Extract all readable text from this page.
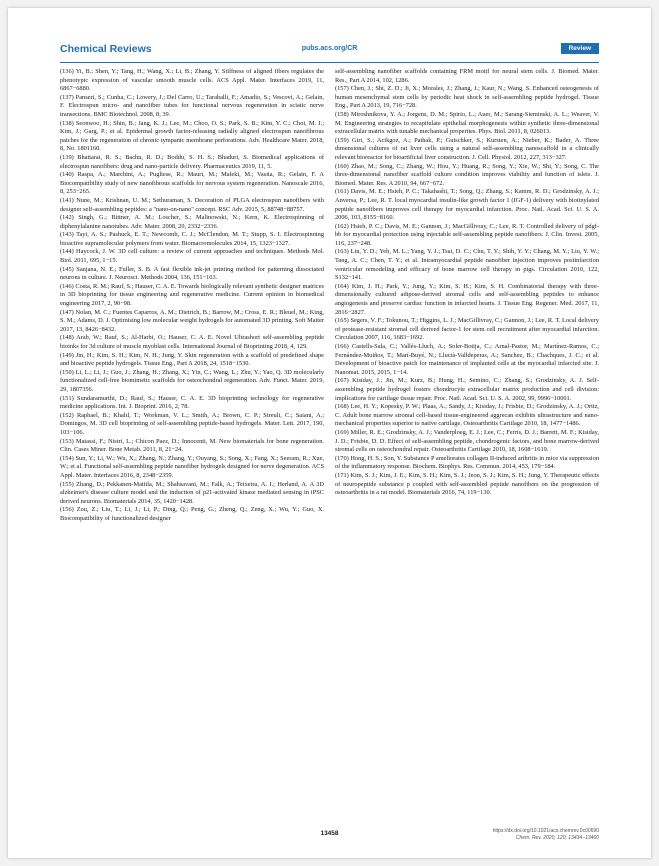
Chemical Reviews	pubs.acs.org/CR	Review

(136) Yi, B.; Shen, Y.; Tang, H.; Wang, X.; Li, B.; Zhang, Y. Stiffness of aligned fibers regulates the phenotypic expression of vascular smooth muscle cells. ACS Appl. Mater. Interfaces 2019, 11, 6867−6880.

(137) Panseri, S.; Cunha, C.; Lowery, J.; Del Carro, U.; Taraballi, F.; Amadio, S.; Vescovi, A.; Gelain, F. Electrospun micro- and nanofiber tubes for functional nervous regeneration in sciatic nerve transections. BMC Biotechnol. 2008, 8, 39.

(138) Seonwoo, H.; Shin, B.; Jang, K. J.; Lee, M.; Choo, O. S.; Park, S. B.; Kim, Y. C.; Choi, M. J.; Kim, J.; Garg, P.; et al. Epidermal growth factor-releasing radially aligned electrospun nanofibrous patches for the regeneration of chronic tympanic membrane perforations. Adv. Healthcare Mater. 2018, 8, No. 1801160.

(139) Bhattarai, R. S.; Bachu, R. D.; Boddu, S. H. S.; Bhaduri, S. Biomedical applications of electrospun nanofibers: drug and nano-particle delivery. Pharmaceutics 2019, 11, 5.

(140) Raspa, A.; Marchini, A.; Pugliese, R.; Mauri, M.; Maleki, M.; Vasita, R.; Gelain, F. A Biocompatibility study of new nanofibrous scaffolds for nervous system regeneration. Nanoscale 2016, 8, 253−265.

(141) Nune, M.; Krishnan, U. M.; Sethuraman, S. Decoration of PLGA electrospun nanofibers with designer self-assembling peptides: a "nano-on-nano" concept. RSC Adv. 2015, 5, 88748−88757.

(142) Singh, G.; Bittner, A. M.; Loscher, S.; Malinowski, N.; Kern, K. Electrospinning of diphenylalanine nanotubes. Adv. Mater. 2008, 20, 2332−2336.

(143) Tayi, A. S.; Pashuck, E. T.; Newcomb, C. J.; McClendon, M. T.; Stupp, S. I. Electrospinning bioactive supramolecular polymers from water. Biomacromolecules 2014, 15, 1323−1327.

(144) Haycock, J. W. 3D cell culture: a review of current approaches and techniques. Methods Mol. Biol. 2011, 695, 1−15.

(145) Sanjana, N. E.; Fuller, S. B. A fast flexible ink-jet printing method for patterning dissociated neurons in culture. J. Neurosci. Methods 2004, 136, 151−163.

(146) Costa, R. M.; Rauf, S.; Hauser, C. A. E. Towards biologically relevant synthetic designer matrices in 3D bioprinting for tissue engineering and regenerative medicine. Current opinion in biomedical engineering 2017, 2, 90−98.

(147) Nolan, M. C.; Fuentes Caparros, A. M.; Dietrich, B.; Barrow, M.; Cross, E. R.; Bleuel, M.; King, S. M.; Adams, D. J. Optimising low molecular weight hydrogels for automated 3D printing. Soft Matter 2017, 13, 8426−8432.

(148) Arab, W.; Rauf, S.; Al-Harbi, O.; Hauser, C. A. E. Novel Ultrashort self-assembling peptide bioinks for 3d culture of muscle myoblast cells. International Journal of Bioprinting 2018, 4, 129.

(149) Jin, H.; Kim, S. H.; Kim, N. H.; Jung, Y. Skin regeneration with a scaffold of predefined shape and bioactive peptide hydrogels. Tissue Eng., Part A 2018, 24, 1518−1530.

(150) Li, L.; Li, J.; Guo, J.; Zhang, H.; Zhang, X.; Yin, C.; Wang, L.; Zhu, Y.; Yao, Q. 3D molecularly functionalized cell-free biomimetic scaffolds for osteochondral regeneration. Adv. Funct. Mater. 2019, 29, 1807356.

(151) Sundaramurthi, D.; Rauf, S.; Hauser, C. A. E. 3D bioprinting technology for regenerative medicine applications. Int. J. Bioprint. 2016, 2, 78.

(152) Raphael, B.; Khalil, T.; Workman, V. L.; Smith, A.; Brown, C. P.; Streuli, C.; Saiani, A.; Domingos, M. 3D cell bioprinting of self-assembling peptide-based hydrogels. Mater. Lett. 2017, 190, 103−106.

(153) Matassi, F.; Nistri, L.; Chicon Paez, D.; Innocenti, M. New biomaterials for bone regeneration. Clin. Cases Miner. Bone Metab. 2011, 8, 21−24.

(154) Sun, Y.; Li, W.; Wu, X.; Zhang, N.; Zhang, Y.; Ouyang, S.; Song, X.; Fang, X.; Seeram, R.; Xue, W.; et al. Functional self-assembling peptide nanofiber hydrogels designed for nerve degeneration. ACS Appl. Mater. Interfaces 2016, 8, 2348−2359.

(155) Zhang, D.; Pekkanen-Mattila, M.; Shahsavani, M.; Falk, A.; Teixeira, A. I.; Herland, A. A 3D alzheimer's disease culture model and the induction of p21-activated kinase mediated sensing in iPSC derived neurons. Biomaterials 2014, 35, 1420−1428.

(156) Zou, Z.; Liu, T.; Li, J.; Li, P.; Ding, Q.; Peng, G.; Zheng, Q.; Zeng, X.; Wu, Y.; Guo, X. Biocompatibility of functionalized designer

self-assembling nanofiber scaffolds containing FRM motif for neural stem cells. J. Biomed. Mater. Res., Part A 2014, 102, 1286.

(157) Chen, J.; Shi, Z. D.; Ji, X.; Morales, J.; Zhang, J.; Kaur, N.; Wang, S. Enhanced osteogenesis of human mesenchymal stem cells by periodic heat shock in self-assembling peptide hydrogel. Tissue Eng., Part A 2013, 19, 716−728.

(158) Miroshnikova, Y. A.; Jorgens, D. M.; Spirio, L.; Auer, M.; Sarang-Sieminski, A. L.; Weaver, V. M. Engineering strategies to recapitulate epithelial morphogenesis within synthetic three-dimensional extracellular matrix with tunable mechanical properties. Phys. Biol. 2011, 8, 026013.

(159) Giri, S.; Acikgoz, A.; Pathak, P.; Gutschker, S.; Kursten, A.; Nieber, K.; Bader, A. Three dimensional cultures of rat liver cells using a natural self-assembling nanoscaffold in a clinically relevant bioreactor for bioartificial liver construction. J. Cell. Physiol. 2012, 227, 313−327.

(160) Zhao, M.; Song, C.; Zhang, W.; Hou, Y.; Huang, R.; Song, Y.; Xie, W.; Shi, Y.; Song, C. The three-dimensional nanofiber scaffold culture condition improves viability and function of islets. J. Biomed. Mater. Res. A 2010, 94, 667−672.

(161) Davis, M. E.; Hsieh, P. C.; Takahashi, T.; Song, Q.; Zhang, S.; Kamm, R. D.; Grodzinsky, A. J.; Anversa, P.; Lee, R. T. local myocardial insulin-like growth factor 1 (IGF-1) delivery with biotinylated peptide nanofibers improves cell therapy for myocardial infarction. Proc. Natl. Acad. Sci. U. S. A. 2006, 103, 8155−8160.

(162) Hsieh, P. C.; Davis, M. E.; Gannon, J.; MacGillivray, C.; Lee, R. T. Controlled delivery of pdgf-bb for myocardial protection using injectable self-assembling peptide nanofibers. J. Clin. Invest. 2005, 116, 237−248.

(163) Lin, Y. D.; Yeh, M. L.; Yang, Y. J.; Tsai, D. C.; Chu, T. Y.; Shih, Y. Y.; Chang, M. Y.; Liu, Y. W.; Tang, A. C.; Chen, T. Y.; et al. Intramyocardial peptide nanofiber injection improves postinfarction ventricular remodeling and efficacy of bone marrow cell therapy in pigs. Circulation 2010, 122, S132−141.

(164) Kim, J. H.; Park, Y.; Jung, Y.; Kim, S. H.; Kim, S. H. Combinatorial therapy with three-dimensionally cultured adipose-derived stromal cells and self-assembling peptides to enhance angiogenesis and preserve cardiac function in infarcted hearts. J. Tissue Eng. Regener. Med. 2017, 11, 2816−2827.

(165) Segers, V. F.; Tokunou, T.; Higgins, L. J.; MacGillivray, C.; Gannon, J.; Lee, R. T. Local delivery of protease-resistant stromal cell derived factor-1 for stem cell recruitment after myocardial infarction. Circulation 2007, 116, 1683−1692.

(166) Castells-Sala, C.; Vallés-Lluch, A.; Soler-Botija, C.; Arnal-Pastor, M.; Martínez-Ramos, C.; Fernández-Muiños, T.; Marí-Buyé, N.; Llucià-Valldeperas, A.; Sanchez, B.; Chachques, J. C.; et al. Development of bioactive patch for maintenance of implanted cells at the myocardial infarcted site. J. Nanomat. 2015, 2015, 1−14.

(167) Kisiday, J.; Jin, M.; Kurz, B.; Hung, H.; Semino, C.; Zhang, S.; Grodzinsky, A. J. Self-assembling peptide hydrogel fosters chondrocyte extracellular matrix production and cell division: implications for cartilage tissue repair. Proc. Natl. Acad. Sci. U. S. A. 2002, 99, 9996−10001.

(168) Lee, H. Y.; Kopesky, P. W.; Plaas, A.; Sandy, J.; Kisiday, J.; Frisbie, D.; Grodzinsky, A. J.; Ortiz, C. Adult bone marrow stromal cell-based tissue-engineered aggrecan exhibits ultrastructure and nano-mechanical properties superior to native cartilage. Osteoarthritis Cartilage 2010, 18, 1477−1486.

(169) Miller, R. E.; Grodzinsky, A. J.; Vanderploeg, E. J.; Lee, C.; Ferris, D. J.; Barrett, M. F.; Kisiday, J. D.; Frisbie, D. D. Effect of self-assembling peptide, chondrogenic factors, and bone marrow-derived stromal cells on osteochondral repair. Osteoarthritis Cartilage 2010, 18, 1608−1619.

(170) Hong, H. S.; Son, Y. Substance P ameliorates collagen II-induced arthritis in mice via suppression of the inflammatory response. Biochem. Biophys. Res. Commun. 2014, 453, 179−184.

(171) Kim, S. J.; Kim, J. E.; Kim, S. H.; Kim, S. J.; Jeon, S. J.; Kim, S. H.; Jung, Y. Therapeutic effects of neuropeptide substance p coupled with self-assembled peptide nanofibers on the progression of osteoarthritis in a rat model. Biomaterials 2016, 74, 119−130.

13458	https://dx.doi.org/10.1021/acs.chemrev.0c00690
Chem. Rev. 2020, 120, 13434−13460
